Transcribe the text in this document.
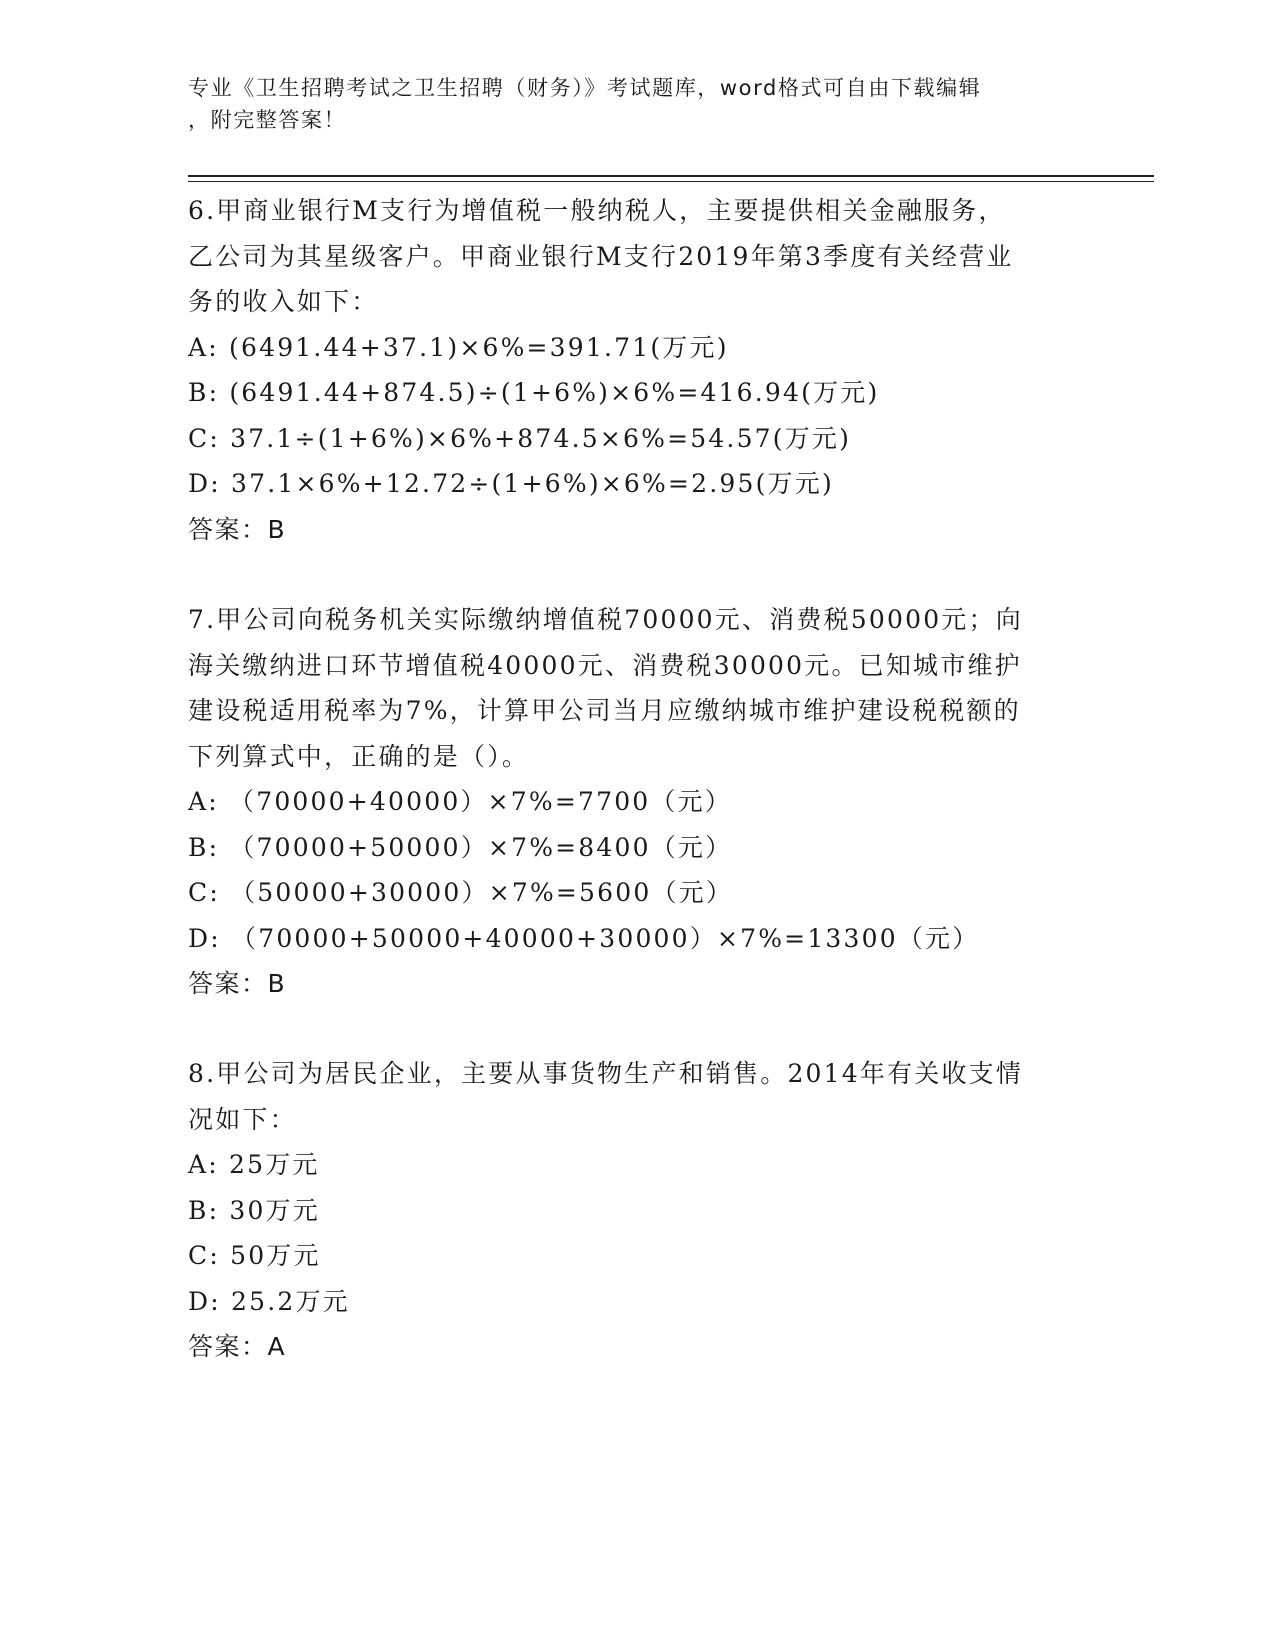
专业《卫生招聘考试之卫生招聘（财务）》考试题库，word格式可自由下载编辑
，附完整答案！
6.甲商业银行M支行为增值税一般纳税人，主要提供相关金融服务，
乙公司为其星级客户。甲商业银行M支行2019年第3季度有关经营业
务的收入如下：
A: (6491.44+37.1)×6%=391.71(万元)
B: (6491.44+874.5)÷(1+6%)×6%=416.94(万元)
C: 37.1÷(1+6%)×6%+874.5×6%=54.57(万元)
D: 37.1×6%+12.72÷(1+6%)×6%=2.95(万元)
答案：B
7.甲公司向税务机关实际缴纳增值税70000元、消费税50000元；向
海关缴纳进口环节增值税40000元、消费税30000元。已知城市维护
建设税适用税率为7%，计算甲公司当月应缴纳城市维护建设税税额的
下列算式中，正确的是（）。
A: （70000+40000）×7%=7700（元）
B: （70000+50000）×7%=8400（元）
C: （50000+30000）×7%=5600（元）
D: （70000+50000+40000+30000）×7%=13300（元）
答案：B
8.甲公司为居民企业，主要从事货物生产和销售。2014年有关收支情
况如下：
A: 25万元
B: 30万元
C: 50万元
D: 25.2万元
答案：A
